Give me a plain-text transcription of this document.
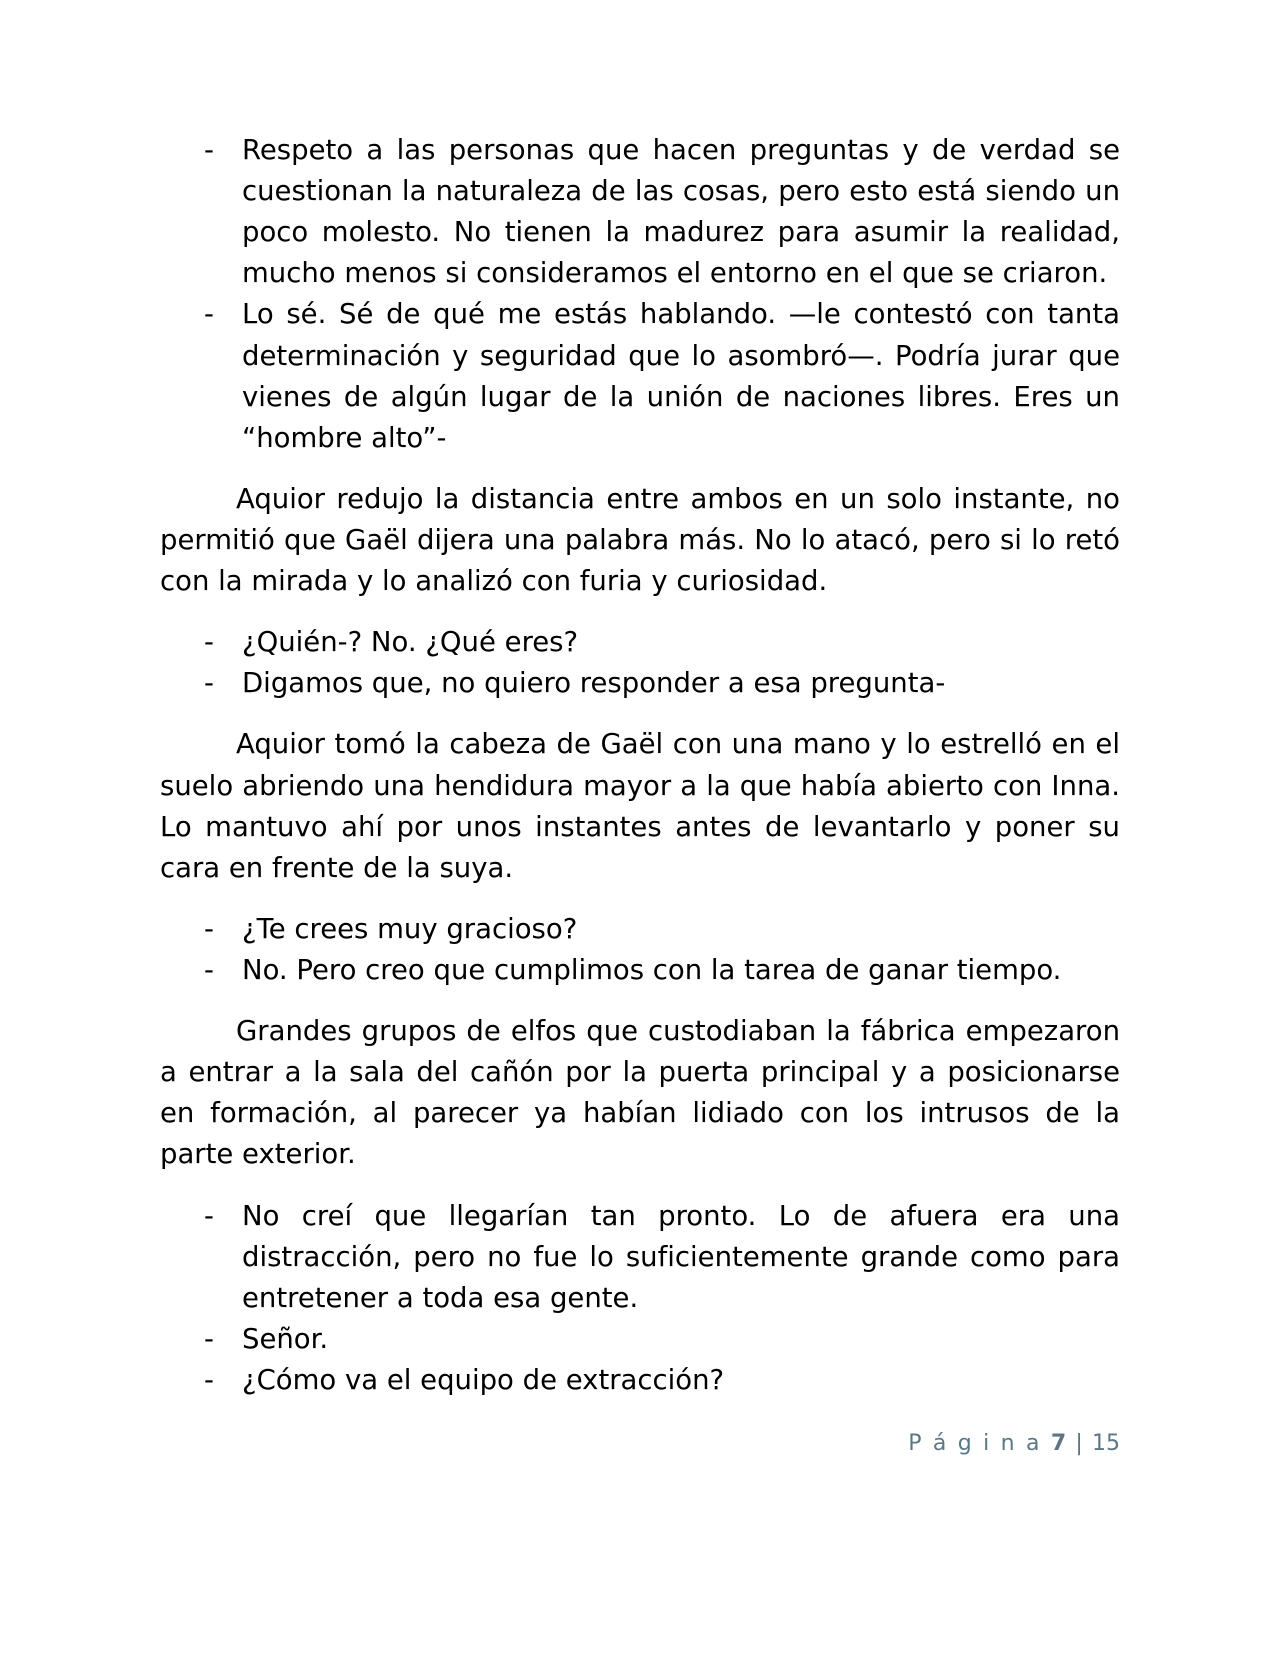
- Respeto a las personas que hacen preguntas y de verdad se cuestionan la naturaleza de las cosas, pero esto está siendo un poco molesto. No tienen la madurez para asumir la realidad, mucho menos si consideramos el entorno en el que se criaron.
- Lo sé. Sé de qué me estás hablando. —le contestó con tanta determinación y seguridad que lo asombró—. Podría jurar que vienes de algún lugar de la unión de naciones libres. Eres un “hombre alto”-

Aquior redujo la distancia entre ambos en un solo instante, no permitió que Gaël dijera una palabra más. No lo atacó, pero si lo retó con la mirada y lo analizó con furia y curiosidad.

- ¿Quién-? No. ¿Qué eres?
- Digamos que, no quiero responder a esa pregunta-

Aquior tomó la cabeza de Gaël con una mano y lo estrelló en el suelo abriendo una hendidura mayor a la que había abierto con Inna. Lo mantuvo ahí por unos instantes antes de levantarlo y poner su cara en frente de la suya.

- ¿Te crees muy gracioso?
- No. Pero creo que cumplimos con la tarea de ganar tiempo.

Grandes grupos de elfos que custodiaban la fábrica empezaron a entrar a la sala del cañón por la puerta principal y a posicionarse en formación, al parecer ya habían lidiado con los intrusos de la parte exterior.

- No creí que llegarían tan pronto. Lo de afuera era una distracción, pero no fue lo suficientemente grande como para entretener a toda esa gente.
- Señor.
- ¿Cómo va el equipo de extracción?
P á g i n a 7 | 15
